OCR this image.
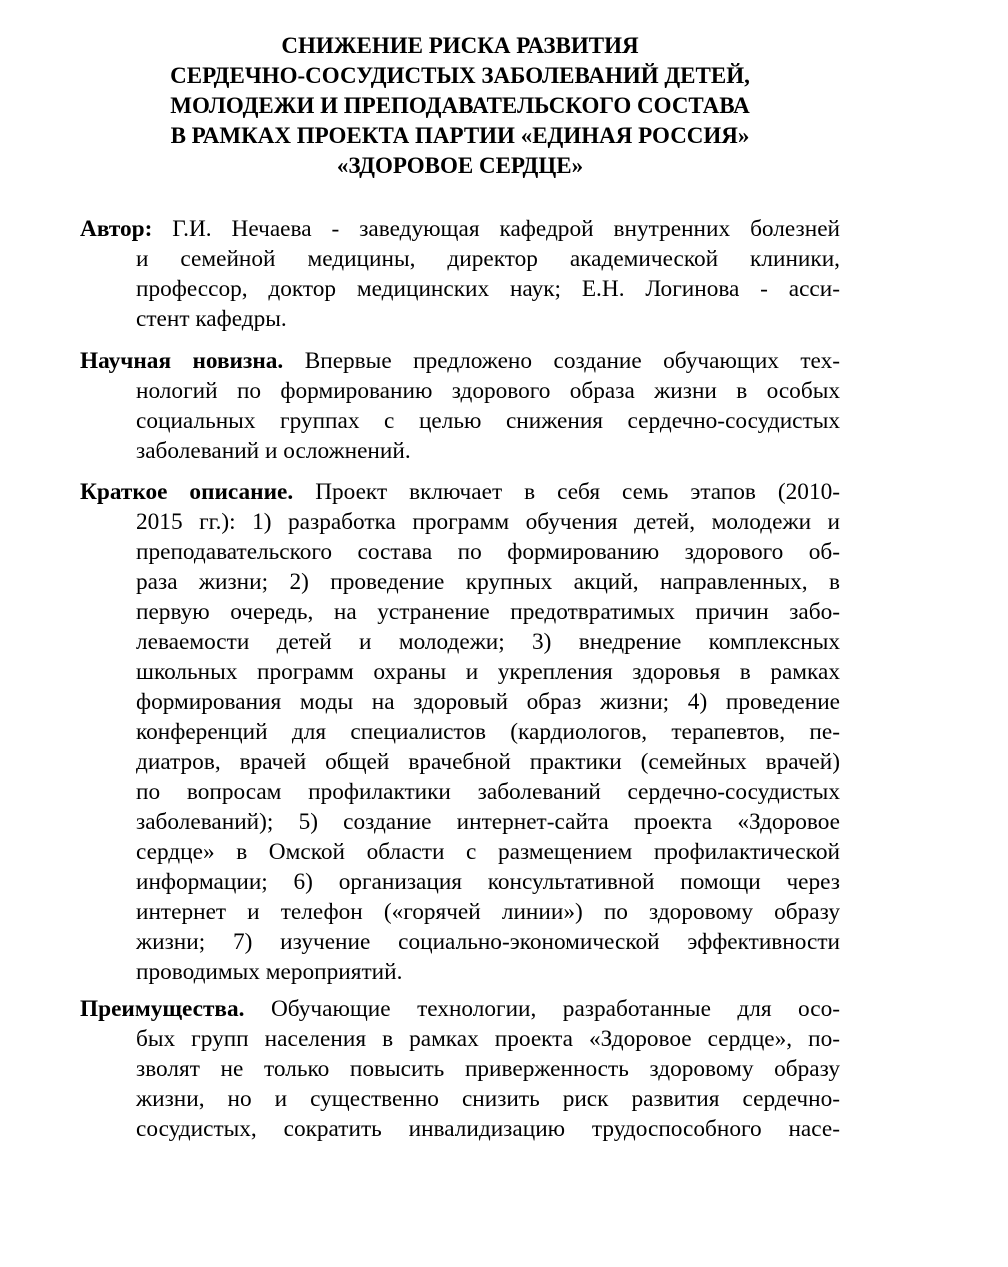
СНИЖЕНИЕ РИСКА РАЗВИТИЯ
СЕРДЕЧНО-СОСУДИСТЫХ ЗАБОЛЕВАНИЙ ДЕТЕЙ,
МОЛОДЕЖИ И ПРЕПОДАВАТЕЛЬСКОГО СОСТАВА
В РАМКАХ ПРОЕКТА ПАРТИИ «ЕДИНАЯ РОССИЯ»
«ЗДОРОВОЕ СЕРДЦЕ»
Автор: Г.И. Нечаева - заведующая кафедрой внутренних болезней
и семейной медицины, директор академической клиники,
профессор, доктор медицинских наук; Е.Н. Логинова - асси-
стент кафедры.
Научная новизна. Впервые предложено создание обучающих тех-
нологий по формированию здорового образа жизни в особых
социальных группах с целью снижения сердечно-сосудистых
заболеваний и осложнений.
Краткое описание. Проект включает в себя семь этапов (2010-
2015 гг.): 1) разработка программ обучения детей, молодежи и
преподавательского состава по формированию здорового об-
раза жизни; 2) проведение крупных акций, направленных, в
первую очередь, на устранение предотвратимых причин забо-
леваемости детей и молодежи; 3) внедрение комплексных
школьных программ охраны и укрепления здоровья в рамках
формирования моды на здоровый образ жизни; 4) проведение
конференций для специалистов (кардиологов, терапевтов, пе-
диатров, врачей общей врачебной практики (семейных врачей)
по вопросам профилактики заболеваний сердечно-сосудистых
заболеваний); 5) создание интернет-сайта проекта «Здоровое
сердце» в Омской области с размещением профилактической
информации; 6) организация консультативной помощи через
интернет и телефон («горячей линии») по здоровому образу
жизни; 7) изучение социально-экономической эффективности
проводимых мероприятий.
Преимущества. Обучающие технологии, разработанные для осо-
бых групп населения в рамках проекта «Здоровое сердце», по-
зволят не только повысить приверженность здоровому образу
жизни, но и существенно снизить риск развития сердечно-
сосудистых, сократить инвалидизацию трудоспособного насе-
